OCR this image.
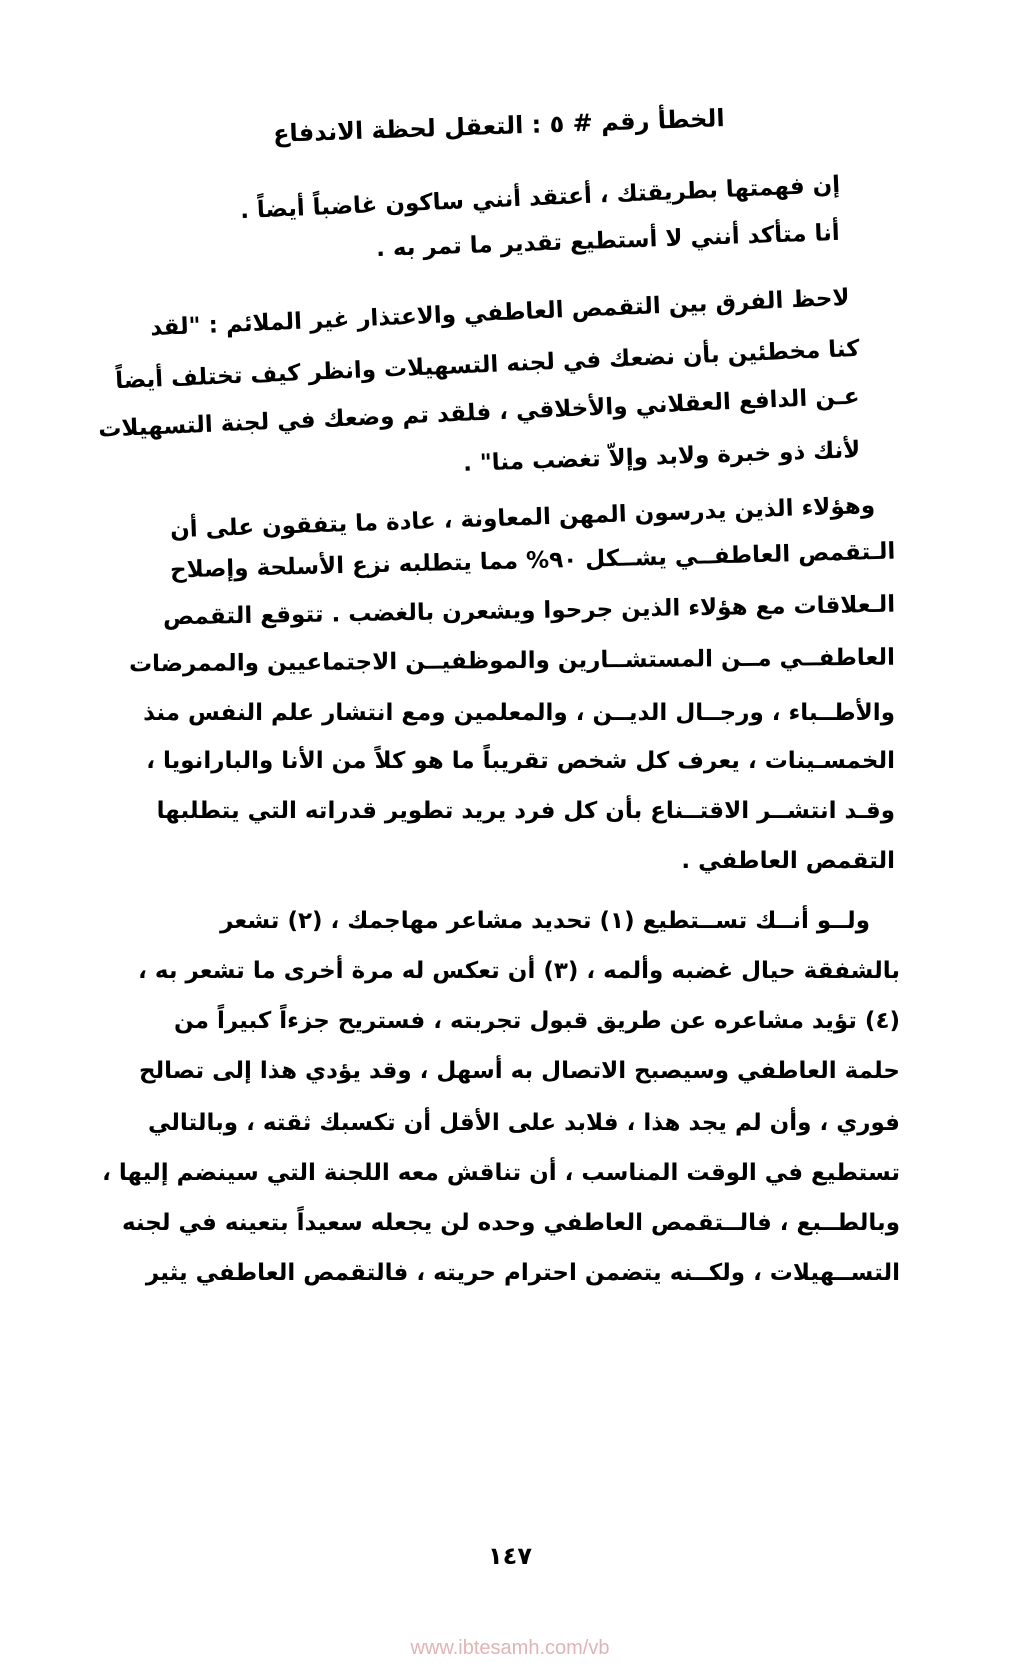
الخطأ رقم # ٥ : التعقل لحظة الاندفاع
إن فهمتها بطريقتك ، أعتقد أنني ساكون غاضباً أيضاً .
أنا متأكد أنني لا أستطيع تقدير ما تمر به .
لاحظ الفرق بين التقمص العاطفي والاعتذار غير الملائم : "لقد
كنا مخطئين بأن نضعك في لجنه التسهيلات وانظر كيف تختلف أيضاً
عـن الدافع العقلاني والأخلاقي ، فلقد تم وضعك في لجنة التسهيلات
لأنك ذو خبرة ولابد وإلاّ تغضب منا" .
وهؤلاء الذين يدرسون المهن المعاونة ، عادة ما يتفقون على أن
الـتقمص العاطفــي يشــكل ٩٠% مما يتطلبه نزع الأسلحة وإصلاح
الـعلاقات مع هؤلاء الذين جرحوا ويشعرن بالغضب . تتوقع التقمص
العاطفــي مــن المستشــارين والموظفيــن الاجتماعيين والممرضات
والأطــباء ، ورجــال الديــن ، والمعلمين ومع انتشار علم النفس منذ
الخمسـينات ، يعرف كل شخص تقريباً ما هو كلاً من الأنا والبارانويا ،
وقـد انتشــر الاقتــناع بأن كل فرد يريد تطوير قدراته التي يتطلبها
التقمص العاطفي .
ولــو أنــك تســتطيع (١) تحديد مشاعر مهاجمك ، (٢) تشعر
بالشفقة حيال غضبه وألمه ، (٣) أن تعكس له مرة أخرى ما تشعر به ،
(٤) تؤيد مشاعره عن طريق قبول تجربته ، فستريح جزءاً كبيراً من
حلمة العاطفي وسيصبح الاتصال به أسهل ، وقد يؤدي هذا إلى تصالح
فوري ، وأن لم يجد هذا ، فلابد على الأقل أن تكسبك ثقته ، وبالتالي
تستطيع في الوقت المناسب ، أن تناقش معه اللجنة التي سينضم إليها ،
وبالطــبع ، فالــتقمص العاطفي وحده لن يجعله سعيداً بتعينه في لجنه
التســهيلات ، ولكــنه يتضمن احترام حريته ، فالتقمص العاطفي يثير
١٤٧
www.ibtesamh.com/vb
